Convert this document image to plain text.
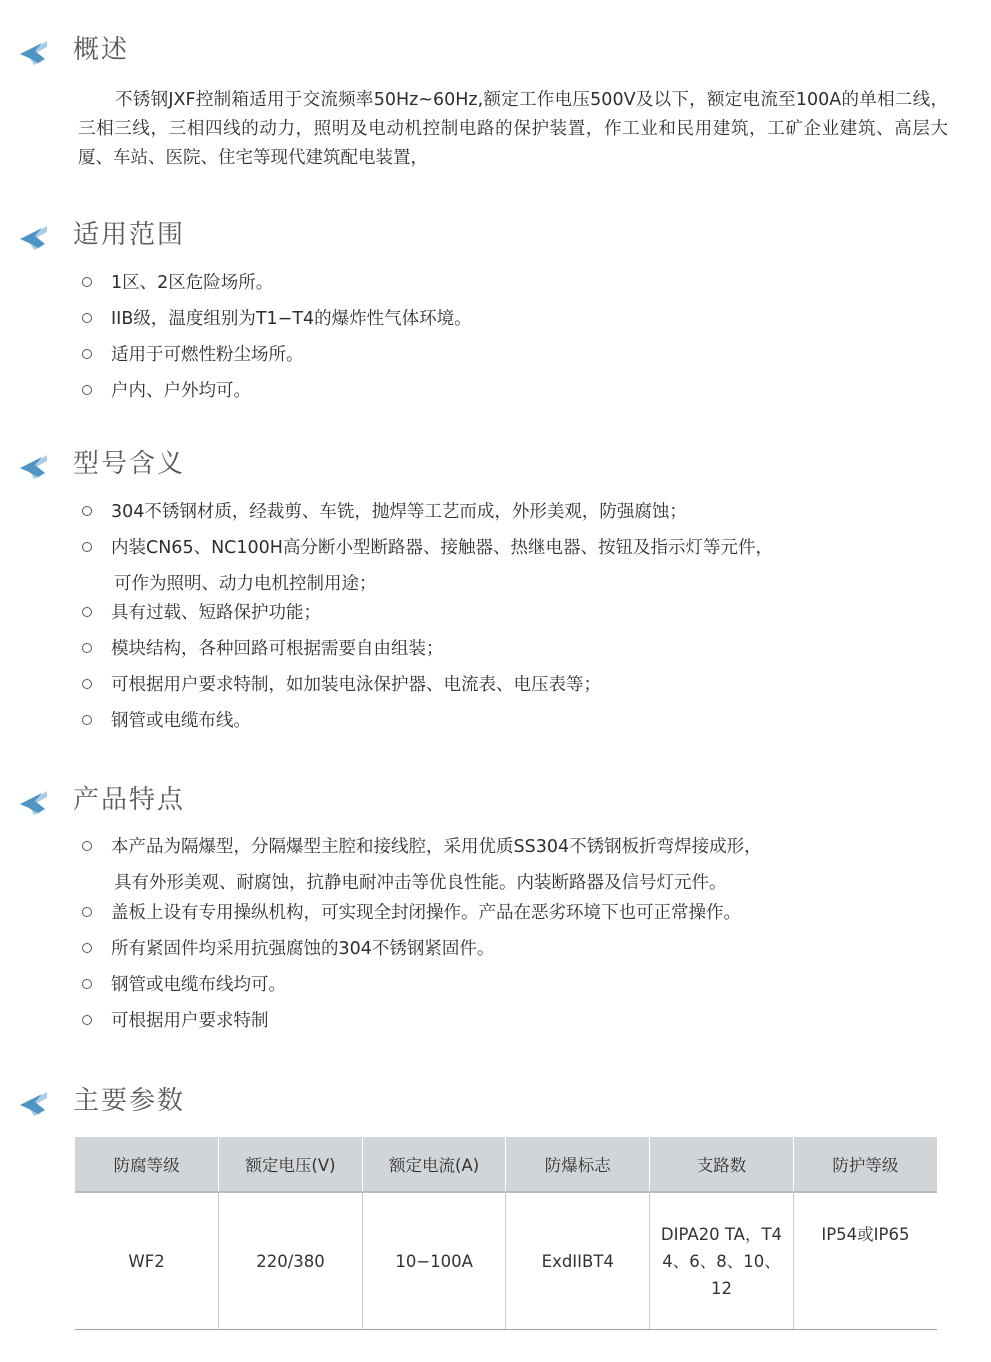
概述

不锈钢JXF控制箱适用于交流频率50Hz~60Hz,额定工作电压500V及以下，额定电流至100A的单相二线，三相三线，三相四线的动力，照明及电动机控制电路的保护装置，作工业和民用建筑，工矿企业建筑、高层大厦、车站、医院、住宅等现代建筑配电装置，

适用范围
1区、2区危险场所。
IIB级，温度组别为T1−T4的爆炸性气体环境。
适用于可燃性粉尘场所。
户内、户外均可。
型号含义
304不锈钢材质，经裁剪、车铣，抛焊等工艺而成，外形美观，防强腐蚀；
内装CN65、NC100H高分断小型断路器、接触器、热继电器、按钮及指示灯等元件，
可作为照明、动力电机控制用途；
具有过载、短路保护功能；
模块结构，各种回路可根据需要自由组装；
可根据用户要求特制，如加装电泳保护器、电流表、电压表等；
钢管或电缆布线。
产品特点
本产品为隔爆型，分隔爆型主腔和接线腔，采用优质SS304不锈钢板折弯焊接成形，
具有外形美观、耐腐蚀，抗静电耐冲击等优良性能。内装断路器及信号灯元件。
盖板上设有专用操纵机构，可实现全封闭操作。产品在恶劣环境下也可正常操作。
所有紧固件均采用抗强腐蚀的304不锈钢紧固件。
钢管或电缆布线均可。
可根据用户要求特制
主要参数
防腐等级	额定电压(V)	额定电流(A)	防爆标志	支路数	防护等级
WF2	220/380	10−100A	ExdIIBT4	DIPA20 TA，T4
4、6、8、10、
12	IP54或IP65
